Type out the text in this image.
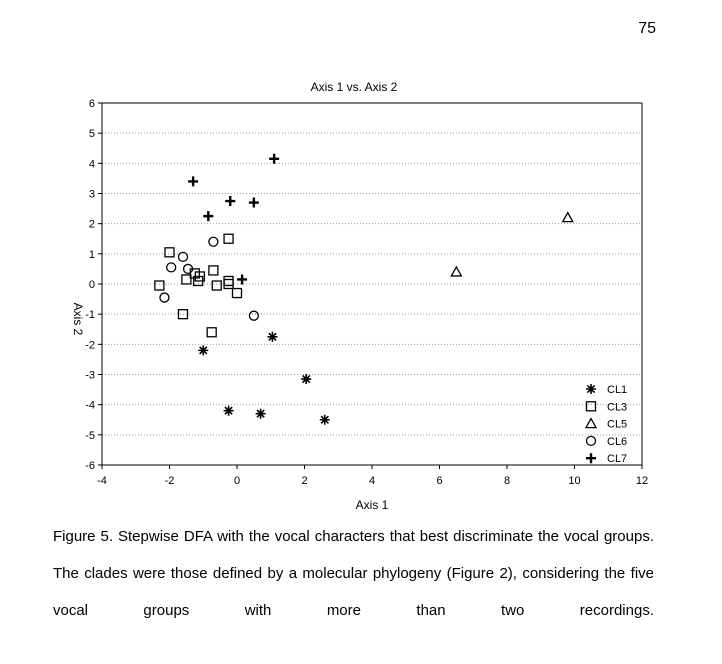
75
Axis 1 vs. Axis 2
-4	-2	0	2	4	6	8	10	12
6
5
4
3
2
1
0
-1
-2
-3
-4
-5
-6
Axis 1
Axis 2
CL1
CL3
CL5
CL6
CL7

Figure 5. Stepwise DFA with the vocal characters that best discriminate the vocal groups. The clades were those defined by a molecular phylogeny (Figure 2), considering the five vocal groups with more than two recordings.
